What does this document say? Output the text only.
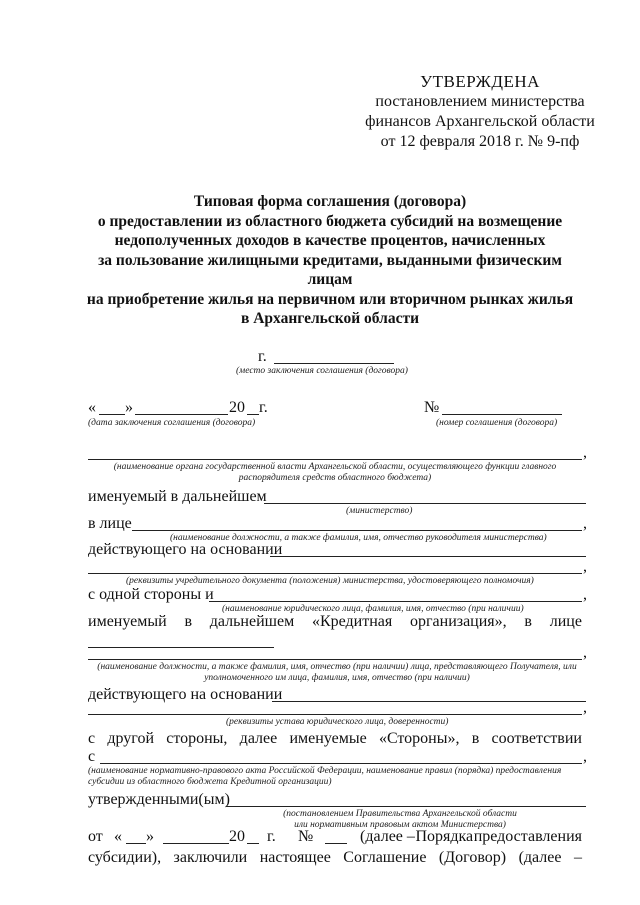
УТВЕРЖДЕНА
постановлением министерства
финансов Архангельской области
от 12 февраля 2018 г. № 9-пф
Типовая форма соглашения (договора)
о предоставлении из областного бюджета субсидий на возмещение
недополученных доходов в качестве процентов, начисленных
за пользование жилищными кредитами, выданными физическим лицам
на приобретение жилья на первичном или вторичном рынках жилья
в Архангельской области
г.
(место заключения соглашения (договора)
« »	20 г.
(дата заключения соглашения (договора)
№
(номер соглашения (договора)
,
(наименование органа государственной власти Архангельской области, осуществляющего функции главного распорядителя средств областного бюджета)
именуемый в дальнейшем
(министерство)
в лице	,
(наименование должности, а также фамилия, имя, отчество руководителя министерства)
действующего на основании
,
(реквизиты учредительного документа (положения) министерства, удостоверяющего полномочия)
с одной стороны и	,
(наименование юридического лица, фамилия, имя, отчество (при наличии)
именуемый в дальнейшем «Кредитная организация», в лице
,
(наименование должности, а также фамилия, имя, отчество (при наличии) лица, представляющего Получателя, или уполномоченного им лица, фамилия, имя, отчество (при наличии)
действующего на основании
,
(реквизиты устава юридического лица, доверенности)
с другой стороны, далее именуемые «Стороны», в соответствии
с	,
(наименование нормативно-правового акта Российской Федерации, наименование правил (порядка) предоставления субсидии из областного бюджета Кредитной организации)
утвержденными(ым)
(постановлением Правительства Архангельской области
или нормативным правовым актом Министерства)
от « »	20 г. №	(далее – Порядка предоставления
субсидии), заключили настоящее Соглашение (Договор) (далее –
